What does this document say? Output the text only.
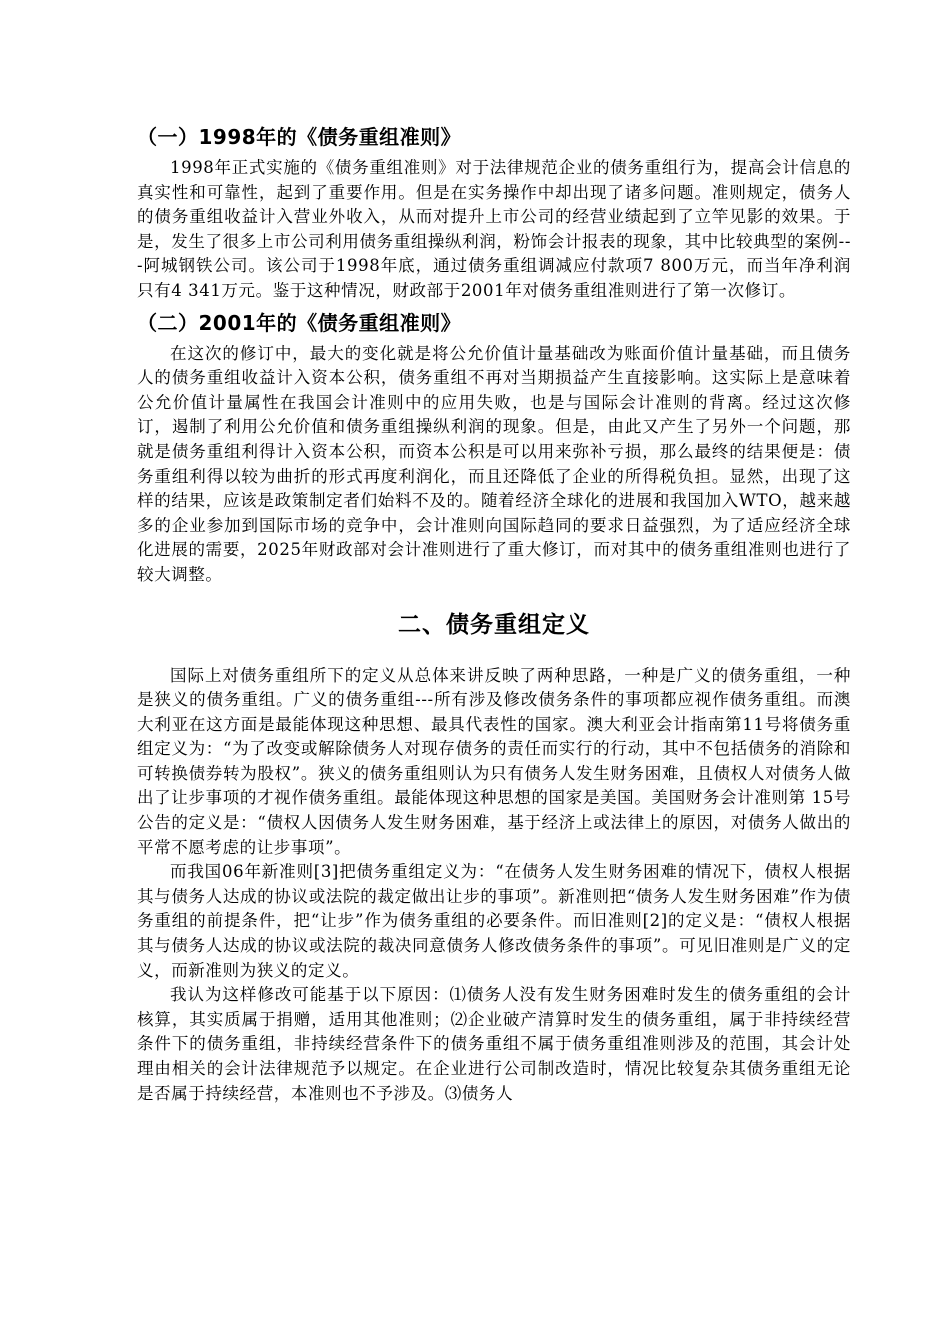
（一）1998年的《债务重组准则》

1998年正式实施的《债务重组准则》对于法律规范企业的债务重组行为，提高会计信息的真实性和可靠性，起到了重要作用。但是在实务操作中却出现了诸多问题。准则规定，债务人的债务重组收益计入营业外收入，从而对提升上市公司的经营业绩起到了立竿见影的效果。于是，发生了很多上市公司利用债务重组操纵利润，粉饰会计报表的现象，其中比较典型的案例---阿城钢铁公司。该公司于1998年底，通过债务重组调减应付款项7 800万元，而当年净利润只有4 341万元。鉴于这种情况，财政部于2001年对债务重组准则进行了第一次修订。

（二）2001年的《债务重组准则》

在这次的修订中，最大的变化就是将公允价值计量基础改为账面价值计量基础，而且债务人的债务重组收益计入资本公积，债务重组不再对当期损益产生直接影响。这实际上是意味着公允价值计量属性在我国会计准则中的应用失败，也是与国际会计准则的背离。经过这次修订，遏制了利用公允价值和债务重组操纵利润的现象。但是，由此又产生了另外一个问题，那就是债务重组利得计入资本公积，而资本公积是可以用来弥补亏损，那么最终的结果便是：债务重组利得以较为曲折的形式再度利润化，而且还降低了企业的所得税负担。显然，出现了这样的结果，应该是政策制定者们始料不及的。随着经济全球化的进展和我国加入WTO，越来越多的企业参加到国际市场的竞争中，会计准则向国际趋同的要求日益强烈，为了适应经济全球化进展的需要，2025年财政部对会计准则进行了重大修订，而对其中的债务重组准则也进行了较大调整。

二、债务重组定义

国际上对债务重组所下的定义从总体来讲反映了两种思路，一种是广义的债务重组，一种是狭义的债务重组。广义的债务重组---所有涉及修改债务条件的事项都应视作债务重组。而澳大利亚在这方面是最能体现这种思想、最具代表性的国家。澳大利亚会计指南第11号将债务重组定义为：“为了改变或解除债务人对现存债务的责任而实行的行动，其中不包括债务的消除和可转换债券转为股权”。狭义的债务重组则认为只有债务人发生财务困难，且债权人对债务人做出了让步事项的才视作债务重组。最能体现这种思想的国家是美国。美国财务会计准则第 15号公告的定义是：“债权人因债务人发生财务困难，基于经济上或法律上的原因，对债务人做出的平常不愿考虑的让步事项”。

而我国06年新准则[3]把债务重组定义为：“在债务人发生财务困难的情况下，债权人根据其与债务人达成的协议或法院的裁定做出让步的事项”。新准则把“债务人发生财务困难”作为债务重组的前提条件，把“让步”作为债务重组的必要条件。而旧准则[2]的定义是：“债权人根据其与债务人达成的协议或法院的裁决同意债务人修改债务条件的事项”。可见旧准则是广义的定义，而新准则为狭义的定义。

我认为这样修改可能基于以下原因：⑴债务人没有发生财务困难时发生的债务重组的会计核算，其实质属于捐赠，适用其他准则；⑵企业破产清算时发生的债务重组，属于非持续经营条件下的债务重组，非持续经营条件下的债务重组不属于债务重组准则涉及的范围，其会计处理由相关的会计法律规范予以规定。在企业进行公司制改造时，情况比较复杂其债务重组无论是否属于持续经营，本准则也不予涉及。⑶债务人
